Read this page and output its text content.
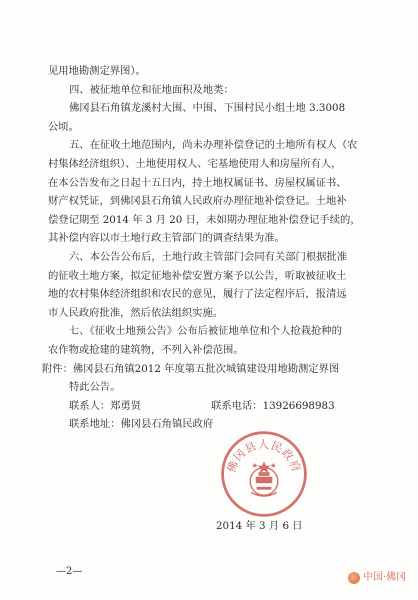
见用地勘测定界图）。
四、被征地单位和征地面积及地类：
佛冈县石角镇龙溪村大围、中围、下围村民小组土地 3.3008
公顷。
五、在征收土地范围内，尚未办理补偿登记的土地所有权人（农
村集体经济组织）、土地使用权人、宅基地使用人和房屋所有人，
在本公告发布之日起十五日内，持土地权属证书、房屋权属证书、
财产权凭证，到佛冈县石角镇人民政府办理征地补偿登记。土地补
偿登记期至 2014 年 3 月 20 日，未如期办理征地补偿登记手续的，
其补偿内容以市土地行政主管部门的调查结果为准。
六、本公告公布后，土地行政主管部门会同有关部门根据批准
的征收土地方案，拟定征地补偿安置方案予以公告，听取被征收土
地的农村集体经济组织和农民的意见，履行了法定程序后，报清远
市人民政府批准，然后依法组织实施。
七、《征收土地预公告》公布后被征地单位和个人抢栽抢种的
农作物或抢建的建筑物，不列入补偿范围。
附件：佛冈县石角镇2012 年度第五批次城镇建设用地勘测定界图
特此公告。
联系人：郑勇贤	联系电话： 13926698983
联系地址：佛冈县石角镇民政府
佛冈县人民政府
2014 年 3 月 6 日
—2—
中国·佛冈
